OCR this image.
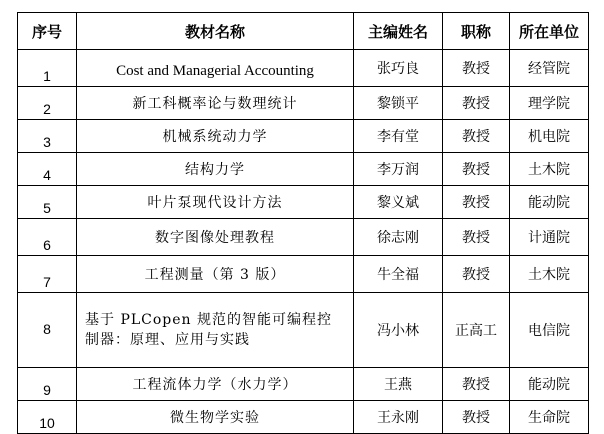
序号	教材名称	主编姓名	职称	所在单位
1	Cost and Managerial Accounting	张巧良	教授	经管院
2	新工科概率论与数理统计	黎锁平	教授	理学院
3	机械系统动力学	李有堂	教授	机电院
4	结构力学	李万润	教授	土木院
5	叶片泵现代设计方法	黎义斌	教授	能动院
6	数字图像处理教程	徐志刚	教授	计通院
7	工程测量（第 3 版）	牛全福	教授	土木院
8	基于 PLCopen 规范的智能可编程控制器：原理、应用与实践	冯小林	正高工	电信院
9	工程流体力学（水力学）	王燕	教授	能动院
10	微生物学实验	王永刚	教授	生命院
